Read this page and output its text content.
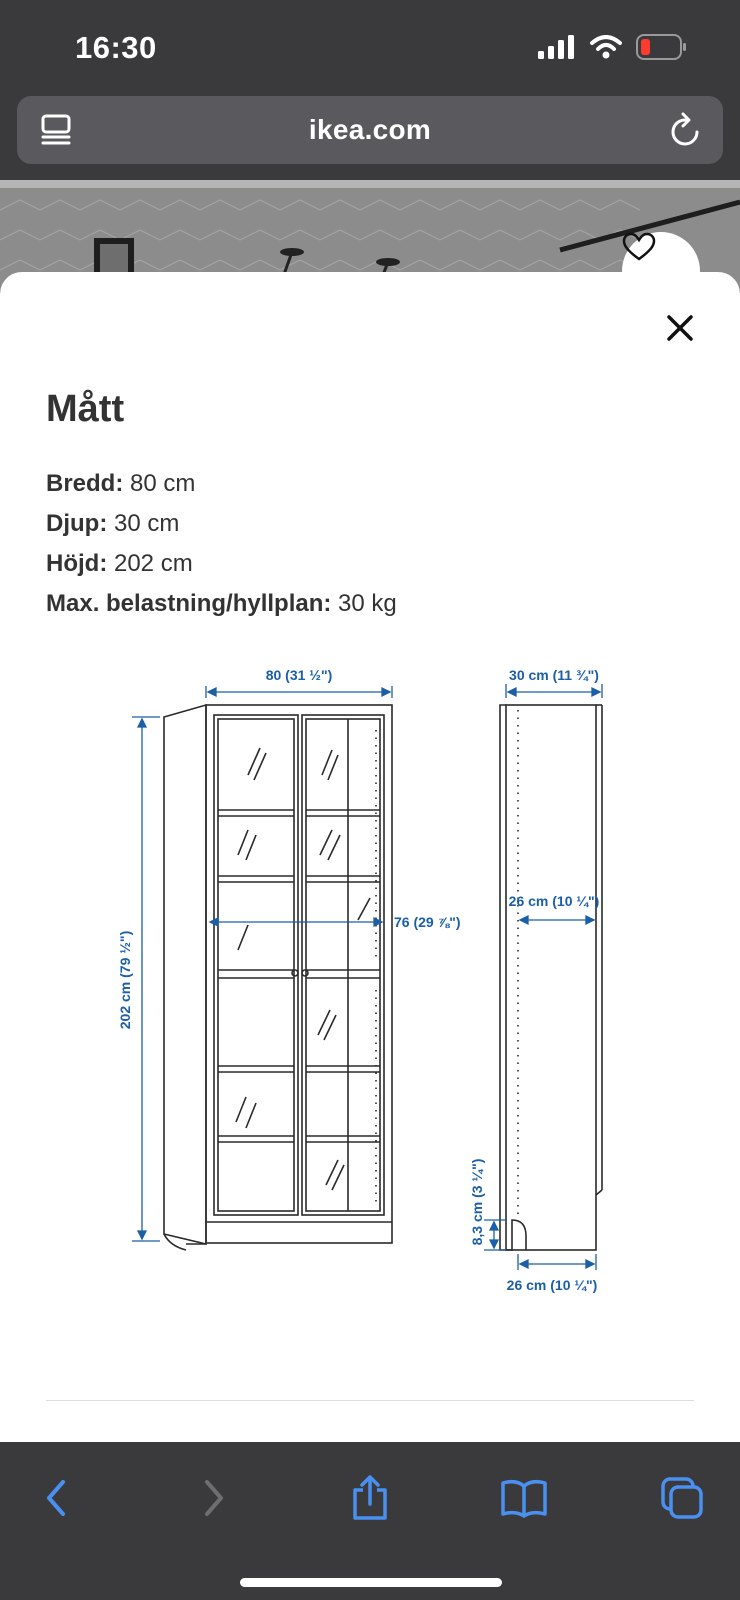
16:30
ikea.com
Mått
Bredd: 80 cm
Djup: 30 cm
Höjd: 202 cm
Max. belastning/hyllplan: 30 kg
80 (31 ½")
202 cm (79 ½")
76 (29 ⅞")
30 cm (11 ¾")
26 cm (10 ¼")
8,3 cm (3 ¼")
26 cm (10 ¼")
